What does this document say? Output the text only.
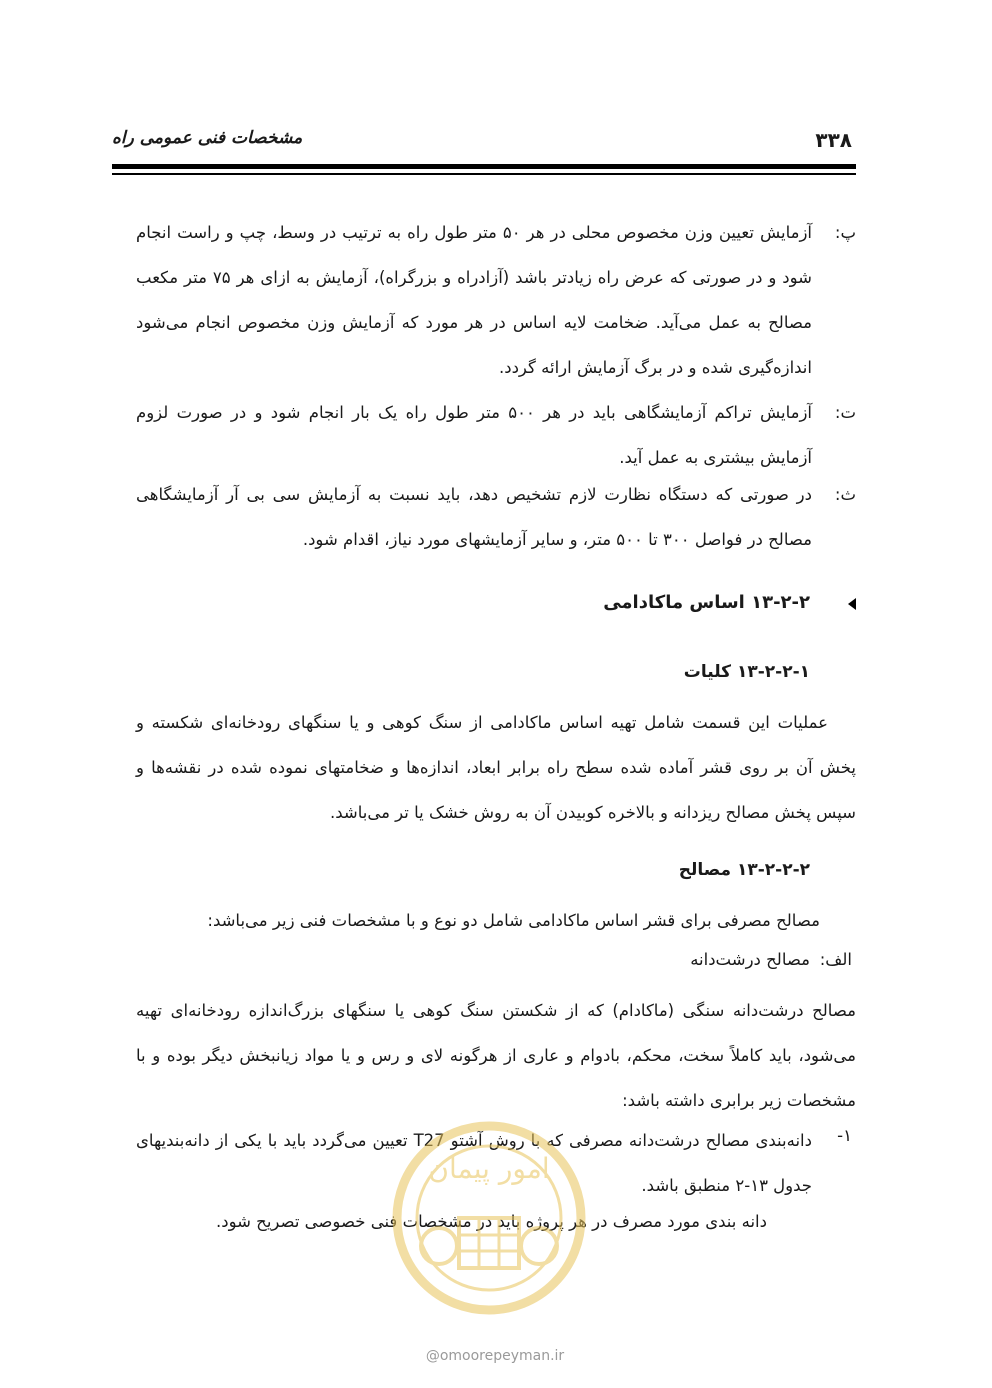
مشخصات فنی عمومی راه	۳۳۸
پ:
آزمایش تعیین وزن مخصوص محلی در هر ۵۰ متر طول راه به ترتیب در وسط، چپ و راست انجام شود و در صورتی که عرض راه زیادتر باشد (آزادراه و بزرگراه)، آزمایش به ازای هر ۷۵ متر مکعب مصالح به عمل می‌آید. ضخامت لایه اساس در هر مورد که آزمایش وزن مخصوص انجام می‌شود اندازه‌گیری شده و در برگ آزمایش ارائه گردد.
ت:
آزمایش تراکم آزمایشگاهی باید در هر ۵۰۰ متر طول راه یک بار انجام شود و در صورت لزوم آزمایش بیشتری به عمل آید.
ث:
در صورتی که دستگاه نظارت لازم تشخیص دهد، باید نسبت به آزمایش سی بی آر آزمایشگاهی مصالح در فواصل ۳۰۰ تا ۵۰۰ متر، و سایر آزمایشهای مورد نیاز، اقدام شود.
۱۳-۲-۲ اساس ماکادامی
۱۳-۲-۲-۱ کلیات
عملیات این قسمت شامل تهیه اساس ماکادامی از سنگ کوهی و یا سنگهای رودخانه‌ای شکسته و پخش آن بر روی قشر آماده شده سطح راه برابر ابعاد، اندازه‌ها و ضخامتهای نموده شده در نقشه‌ها و سپس پخش مصالح ریزدانه و بالاخره کوبیدن آن به روش خشک یا تر می‌باشد.
۱۳-۲-۲-۲ مصالح
مصالح مصرفی برای قشر اساس ماکادامی شامل دو نوع و با مشخصات فنی زیر می‌باشد:
الف:
مصالح درشت‌دانه
مصالح درشت‌دانه سنگی (ماکادام) که از شکستن سنگ کوهی یا سنگهای بزرگ‌اندازه رودخانه‌ای تهیه می‌شود، باید کاملاً سخت، محکم، بادوام و عاری از هرگونه لای و رس و یا مواد زیانبخش دیگر بوده و با مشخصات زیر برابری داشته باشد:
۱-
دانه‌بندی مصالح درشت‌دانه مصرفی که با روش آشتو T27 تعیین می‌گردد باید با یکی از دانه‌بندیهای جدول ۱۳-۲ منطبق باشد.
دانه بندی مورد مصرف در هر پروژه باید در مشخصات فنی خصوصی تصریح شود.
امور پیمان
@omoorepeyman.ir
